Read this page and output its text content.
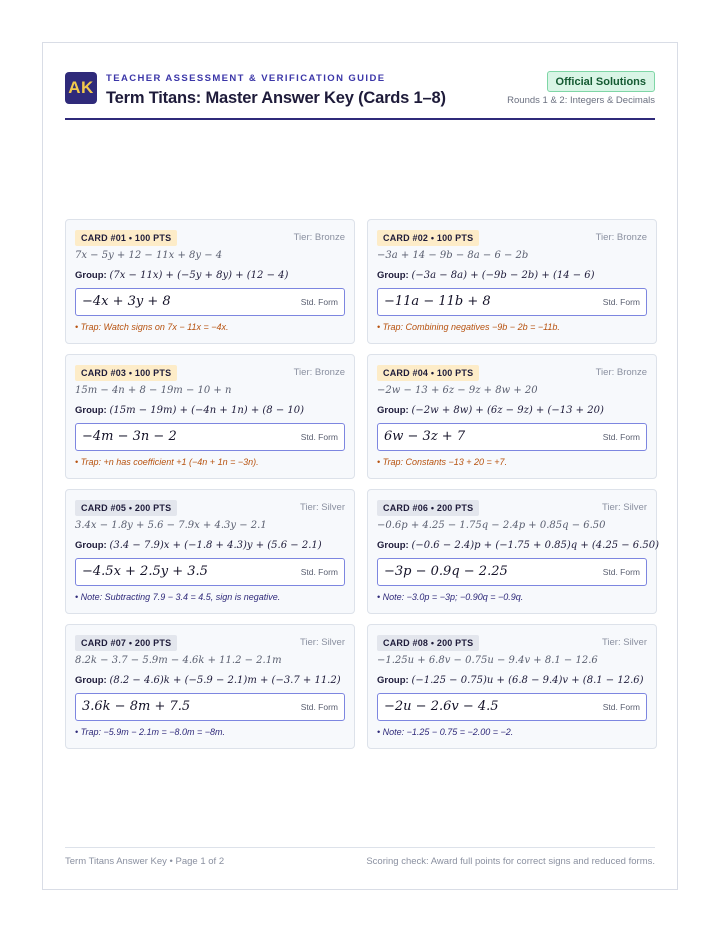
AK	TEACHER ASSESSMENT & VERIFICATION GUIDE
Term Titans: Master Answer Key (Cards 1–8)
Official Solutions
Rounds 1 & 2: Integers & Decimals
CARD #01 • 100 PTS	Tier: Bronze
7x − 5y + 12 − 11x + 8y − 4
Group: (7x − 11x) + (−5y + 8y) + (12 − 4)
−4x + 3y + 8	Std. Form
• Trap: Watch signs on 7x − 11x = −4x.
CARD #02 • 100 PTS	Tier: Bronze
−3a + 14 − 9b − 8a − 6 − 2b
Group: (−3a − 8a) + (−9b − 2b) + (14 − 6)
−11a − 11b + 8	Std. Form
• Trap: Combining negatives −9b − 2b = −11b.
CARD #03 • 100 PTS	Tier: Bronze
15m − 4n + 8 − 19m − 10 + n
Group: (15m − 19m) + (−4n + 1n) + (8 − 10)
−4m − 3n − 2	Std. Form
• Trap: +n has coefficient +1 (−4n + 1n = −3n).
CARD #04 • 100 PTS	Tier: Bronze
−2w − 13 + 6z − 9z + 8w + 20
Group: (−2w + 8w) + (6z − 9z) + (−13 + 20)
6w − 3z + 7	Std. Form
• Trap: Constants −13 + 20 = +7.
CARD #05 • 200 PTS	Tier: Silver
3.4x − 1.8y + 5.6 − 7.9x + 4.3y − 2.1
Group: (3.4 − 7.9)x + (−1.8 + 4.3)y + (5.6 − 2.1)
−4.5x + 2.5y + 3.5	Std. Form
• Note: Subtracting 7.9 − 3.4 = 4.5, sign is negative.
CARD #06 • 200 PTS	Tier: Silver
−0.6p + 4.25 − 1.75q − 2.4p + 0.85q − 6.50
Group: (−0.6 − 2.4)p + (−1.75 + 0.85)q + (4.25 − 6.50)
−3p − 0.9q − 2.25	Std. Form
• Note: −3.0p = −3p; −0.90q = −0.9q.
CARD #07 • 200 PTS	Tier: Silver
8.2k − 3.7 − 5.9m − 4.6k + 11.2 − 2.1m
Group: (8.2 − 4.6)k + (−5.9 − 2.1)m + (−3.7 + 11.2)
3.6k − 8m + 7.5	Std. Form
• Trap: −5.9m − 2.1m = −8.0m = −8m.
CARD #08 • 200 PTS	Tier: Silver
−1.25u + 6.8v − 0.75u − 9.4v + 8.1 − 12.6
Group: (−1.25 − 0.75)u + (6.8 − 9.4)v + (8.1 − 12.6)
−2u − 2.6v − 4.5	Std. Form
• Note: −1.25 − 0.75 = −2.00 = −2.
Term Titans Answer Key • Page 1 of 2	Scoring check: Award full points for correct signs and reduced forms.
